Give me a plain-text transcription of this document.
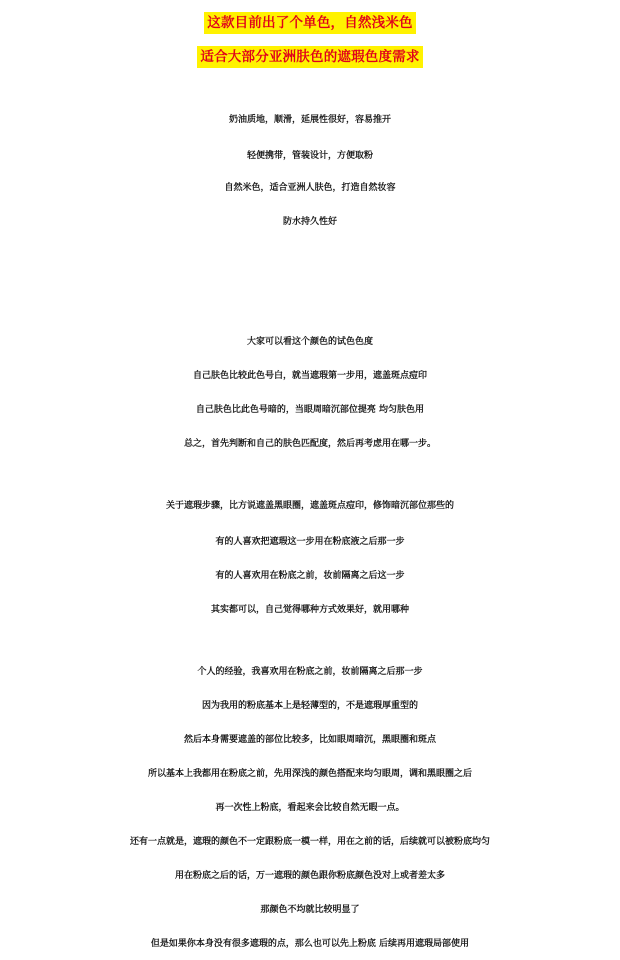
这款目前出了个单色，自然浅米色
适合大部分亚洲肤色的遮瑕色度需求
奶油质地，顺滑，延展性很好，容易推开
轻便携带，管装设计，方便取粉
自然米色，适合亚洲人肤色，打造自然妆容
防水持久性好
大家可以看这个颜色的试色色度
自己肤色比较此色号白，就当遮瑕第一步用，遮盖斑点痘印
自己肤色比此色号暗的，当眼周暗沉部位提亮 均匀肤色用
总之，首先判断和自己的肤色匹配度，然后再考虑用在哪一步。
关于遮瑕步骤，比方说遮盖黑眼圈，遮盖斑点痘印，修饰暗沉部位那些的
有的人喜欢把遮瑕这一步用在粉底液之后那一步
有的人喜欢用在粉底之前，妆前隔离之后这一步
其实都可以，自己觉得哪种方式效果好，就用哪种
个人的经验，我喜欢用在粉底之前，妆前隔离之后那一步
因为我用的粉底基本上是轻薄型的，不是遮瑕厚重型的
然后本身需要遮盖的部位比较多，比如眼周暗沉，黑眼圈和斑点
所以基本上我都用在粉底之前，先用深浅的颜色搭配来均匀眼周，调和黑眼圈之后
再一次性上粉底，看起来会比较自然无暇一点。
还有一点就是，遮瑕的颜色不一定跟粉底一模一样，用在之前的话，后续就可以被粉底均匀
用在粉底之后的话，万一遮瑕的颜色跟你粉底颜色没对上或者差太多
那颜色不均就比较明显了
但是如果你本身没有很多遮瑕的点，那么也可以先上粉底 后续再用遮瑕局部使用
